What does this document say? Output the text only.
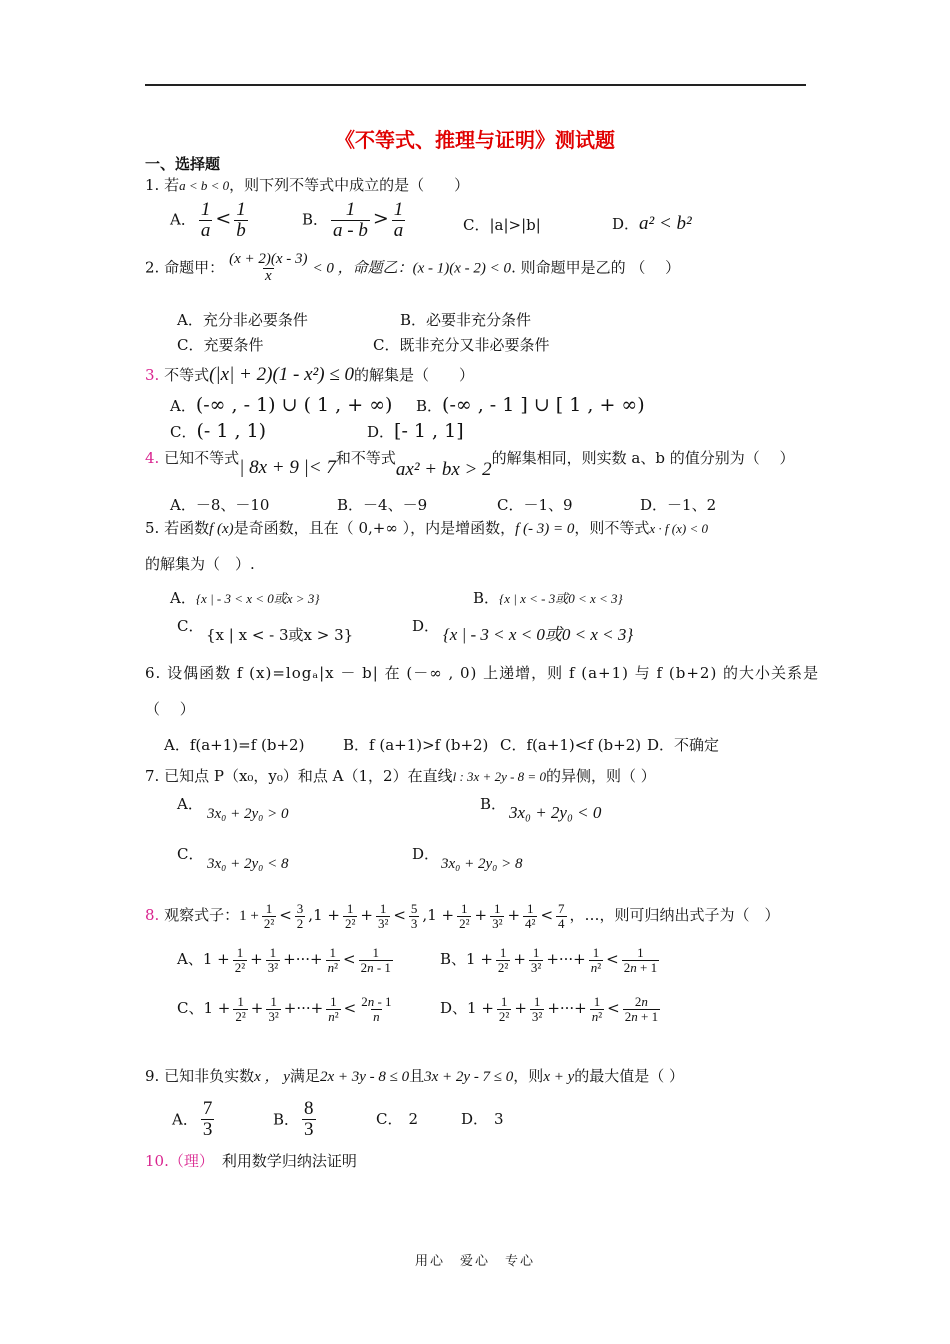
《不等式、推理与证明》测试题
一、选择题
1. 若a < b < 0，则下列不等式中成立的是（　　）
A． $\frac{1}{a} < \frac{1}{b}$	B． $\frac{1}{a - b} > \frac{1}{a}$	C．|a|>|b|	D．a² < b²
2. 命题甲： $\frac{(x + 2)(x - 3)}{x} < 0$ ，命题乙：(x - 1)(x - 2) < 0. 则命题甲是乙的 （　 ）
A．充分非必要条件	B．必要非充分条件
C．充要条件	C．既非充分又非必要条件
3. 不等式(|x| + 2)(1 - x²) ≤ 0的解集是（　　）
A．(-∞ , - 1) ∪ ( 1 , + ∞) B．(-∞ , - 1 ] ∪ [ 1 , + ∞)
C．(- 1 , 1)	D．[- 1 , 1]
4. 已知不等式| 8x + 9 |< 7和不等式ax² + bx > 2的解集相同，则实数 a、b 的值分别为（　 ）
A．－8、－10	B．－4、－9	C．－1、9	D．－1、2
5. 若函数f (x)是奇函数，且在（ 0,+∞ ），内是增函数，f (- 3) = 0，则不等式x · f (x) < 0
的解集为（　）.
A．{x | - 3 < x < 0或x > 3}	B．{x | x < - 3或0 < x < 3}
C． {x | x < - 3或x > 3}	D． {x | - 3 < x < 0或0 < x < 3}
6. 设偶函数 f (x)=logₐ|x － b| 在 (－∞ , 0) 上递增，则 f (a+1) 与 f (b+2) 的大小关系是
（　 ）
A．f(a+1)=f (b+2)	B．f (a+1)>f (b+2) C．f(a+1)<f (b+2) D．不确定
7. 已知点 P（x₀，y₀）和点 A（1，2）在直线l : 3x + 2y - 8 = 0的异侧，则（ ）
A．
3x₀ + 2y₀ > 0
B． 3x₀ + 2y₀ < 0
C．
3x₀ + 2y₀ < 8
D．
3x₀ + 2y₀ > 8
8. 观察式子：$1 + \frac{1}{\text{2²}} < \frac{3}{2} ,1 + \frac{1}{\text{2²}} + \frac{1}{\text{3²}} < \frac{5}{3} ,1 + \frac{1}{\text{2²}} + \frac{1}{\text{3²}} + \frac{1}{\text{4²}} < \frac{7}{4}$ ，…，则可归纳出式子为（　）
A、$1 + \frac{1}{\text{2²}} + \frac{1}{\text{3²}}$ +···+ $\frac{1}{\text{n²}} < \frac{1}{2n - 1}$	B、$1 + \frac{1}{\text{2²}} + \frac{1}{\text{3²}}$ +···+ $\frac{1}{\text{n²}} < \frac{1}{2n + 1}$
C、$1 + \frac{1}{\text{2²}} + \frac{1}{\text{3²}}$ +···+ $\frac{1}{\text{n²}} < \frac{2n - 1}{n}$	D、$1 + \frac{1}{\text{2²}} + \frac{1}{\text{3²}}$ +···+ $\frac{1}{\text{n²}} < \frac{2n}{2n + 1}$
9. 已知非负实数x ， y满足2x + 3y - 8 ≤ 0且3x + 2y - 7 ≤ 0，则x + y的最大值是（ ）
A． $\frac{7}{3}$	B． $\frac{8}{3}$	C． 2	D． 3
10.（理） 利用数学归纳法证明
用心　爱心　专心
